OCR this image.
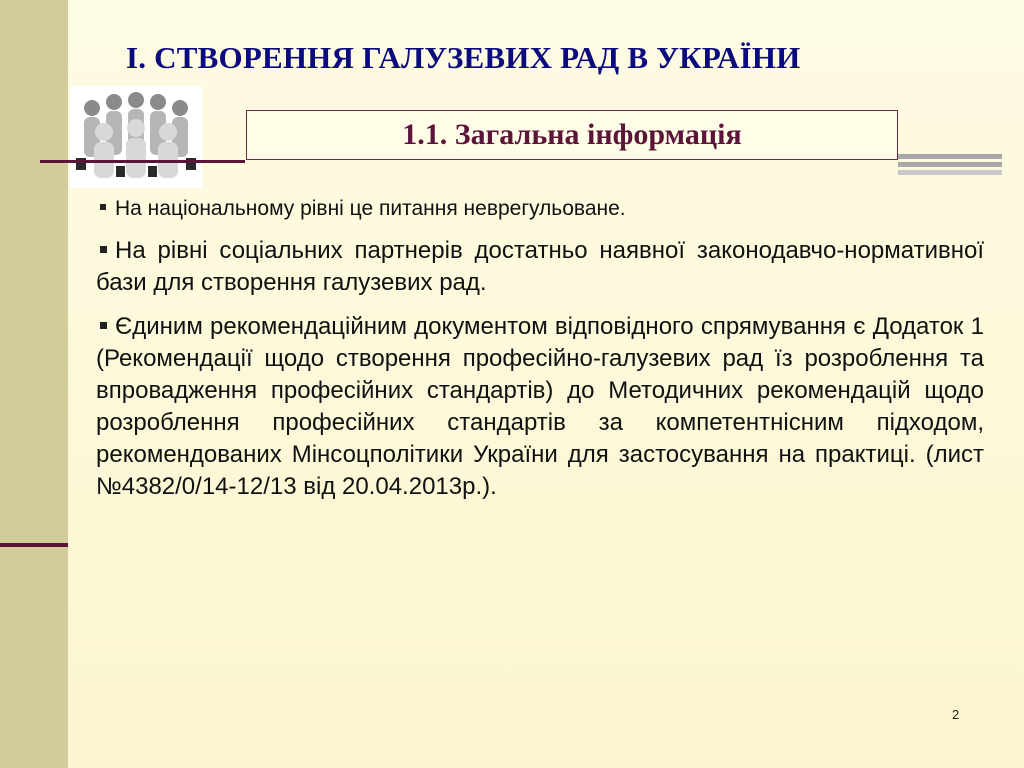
І. СТВОРЕННЯ ГАЛУЗЕВИХ РАД В УКРАЇНИ
1.1. Загальна інформація
На національному рівні це питання неврегульоване.
На рівні соціальних партнерів достатньо наявної законодавчо-нормативної бази для створення галузевих рад.
Єдиним рекомендаційним документом відповідного спрямування є Додаток 1 (Рекомендації щодо створення професійно-галузевих рад їз розроблення та впровадження професійних стандартів) до Методичних рекомендацій щодо розроблення професійних стандартів за компетентнісним підходом, рекомендованих Мінсоцполітики України для застосування на практиці. (лист №4382/0/14-12/13 від 20.04.2013р.).
2
